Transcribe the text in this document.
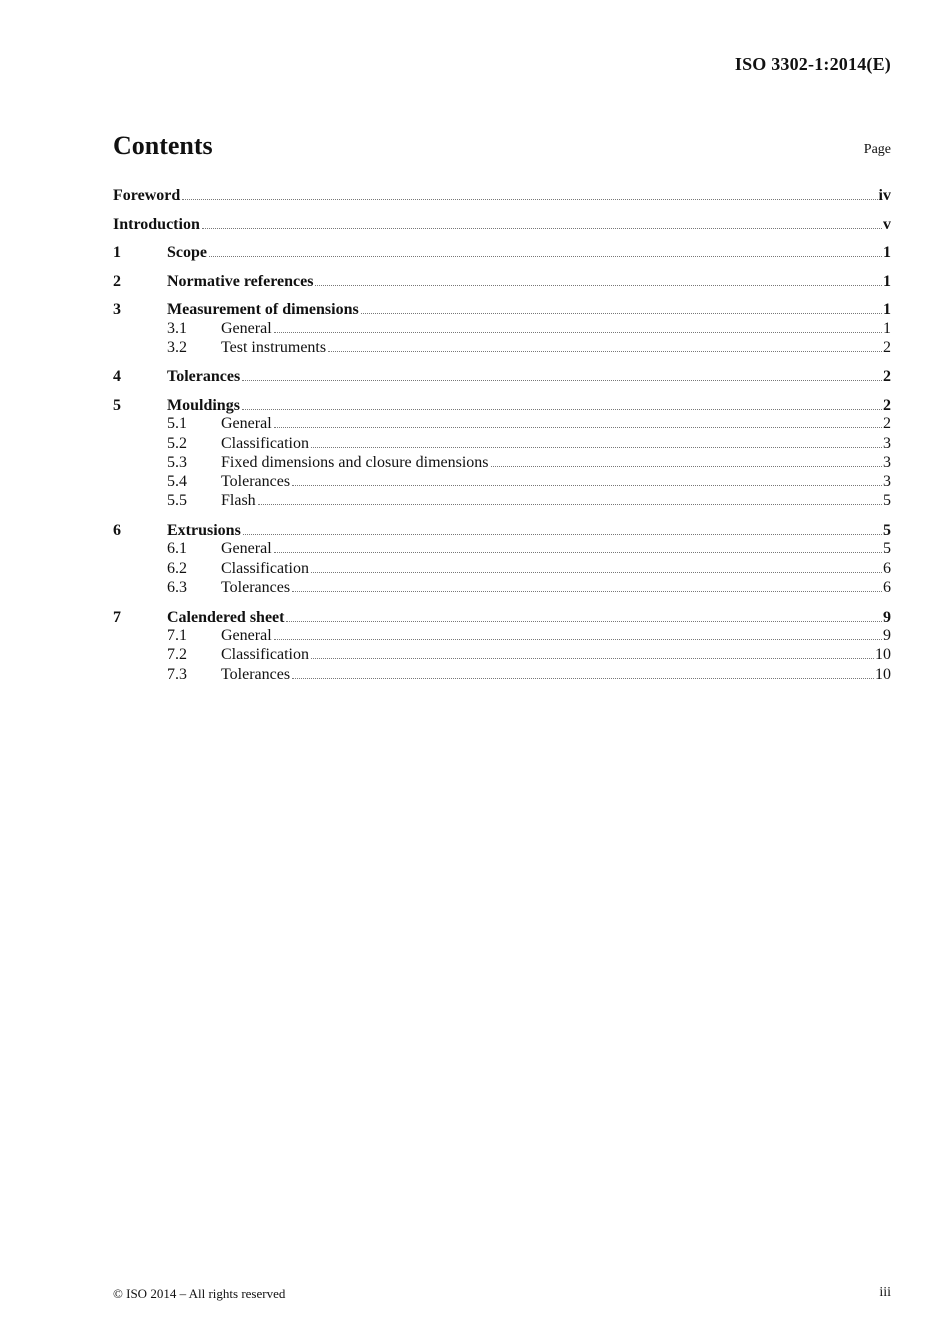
ISO 3302-1:2014(E)
Contents	Page
Foreword	iv
Introduction	v
1	Scope	1
2	Normative references	1
3	Measurement of dimensions	1
3.1	General	1
3.2	Test instruments	2
4	Tolerances	2
5	Mouldings	2
5.1	General	2
5.2	Classification	3
5.3	Fixed dimensions and closure dimensions	3
5.4	Tolerances	3
5.5	Flash	5
6	Extrusions	5
6.1	General	5
6.2	Classification	6
6.3	Tolerances	6
7	Calendered sheet	9
7.1	General	9
7.2	Classification	10
7.3	Tolerances	10
© ISO 2014 – All rights reserved	iii
